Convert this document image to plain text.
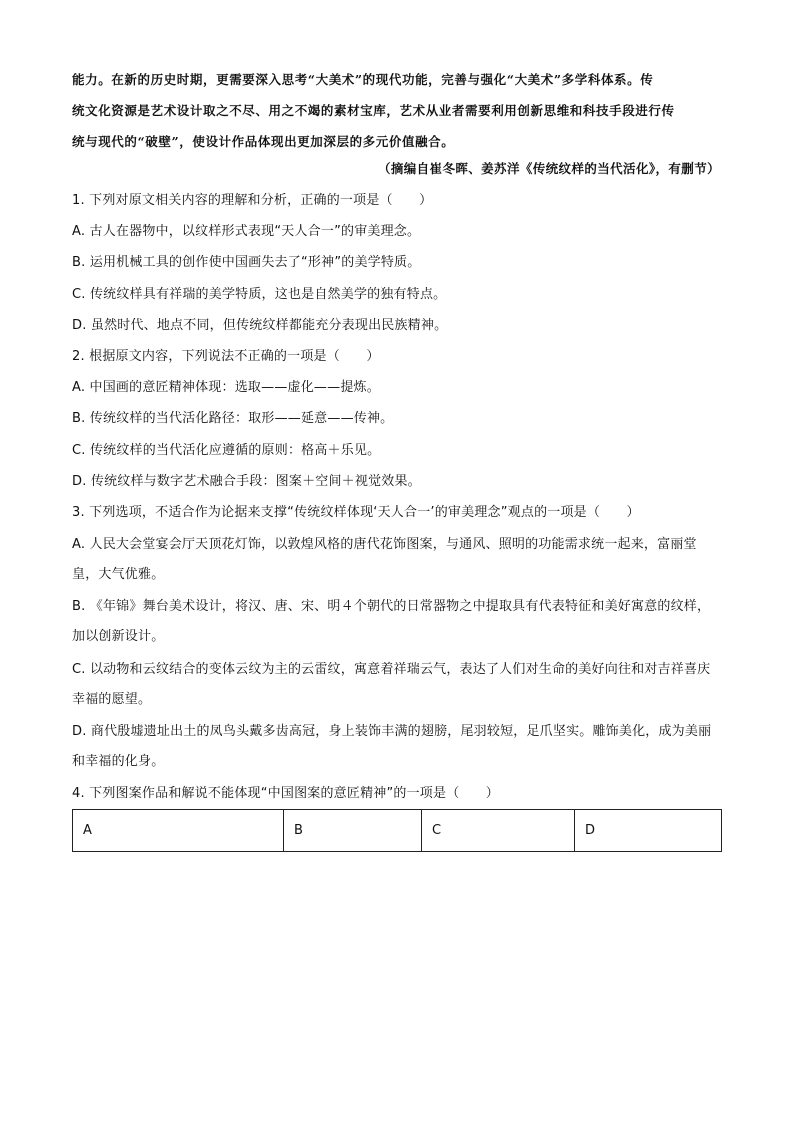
能力。在新的历史时期，更需要深入思考“大美术”的现代功能，完善与强化“大美术”多学科体系。传
统文化资源是艺术设计取之不尽、用之不竭的素材宝库，艺术从业者需要利用创新思维和科技手段进行传
统与现代的“破壁”，使设计作品体现出更加深层的多元价值融合。
（摘编自崔冬晖、姜苏洋《传统纹样的当代活化》，有删节）
1. 下列对原文相关内容的理解和分析，正确的一项是（　　）
A. 古人在器物中，以纹样形式表现“天人合一”的审美理念。
B. 运用机械工具的创作使中国画失去了“形神”的美学特质。
C. 传统纹样具有祥瑞的美学特质，这也是自然美学的独有特点。
D. 虽然时代、地点不同，但传统纹样都能充分表现出民族精神。
2. 根据原文内容，下列说法不正确的一项是（　　）
A. 中国画的意匠精神体现：选取——虚化——提炼。
B. 传统纹样的当代活化路径：取形——延意——传神。
C. 传统纹样的当代活化应遵循的原则：格高＋乐见。
D. 传统纹样与数字艺术融合手段：图案＋空间＋视觉效果。
3. 下列选项，不适合作为论据来支撑“传统纹样体现‘天人合一’的审美理念”观点的一项是（　　）
A. 人民大会堂宴会厅天顶花灯饰，以敦煌风格的唐代花饰图案，与通风、照明的功能需求统一起来，富丽堂皇，大气优雅。
B. 《年锦》舞台美术设计，将汉、唐、宋、明４个朝代的日常器物之中提取具有代表特征和美好寓意的纹样，加以创新设计。
C. 以动物和云纹结合的变体云纹为主的云雷纹，寓意着祥瑞云气，表达了人们对生命的美好向往和对吉祥喜庆幸福的愿望。
D. 商代殷墟遗址出土的凤鸟头戴多齿高冠，身上装饰丰满的翅膀，尾羽较短，足爪坚实。雕饰美化，成为美丽和幸福的化身。
4. 下列图案作品和解说不能体现“中国图案的意匠精神”的一项是（　　）
A	B	C	D
